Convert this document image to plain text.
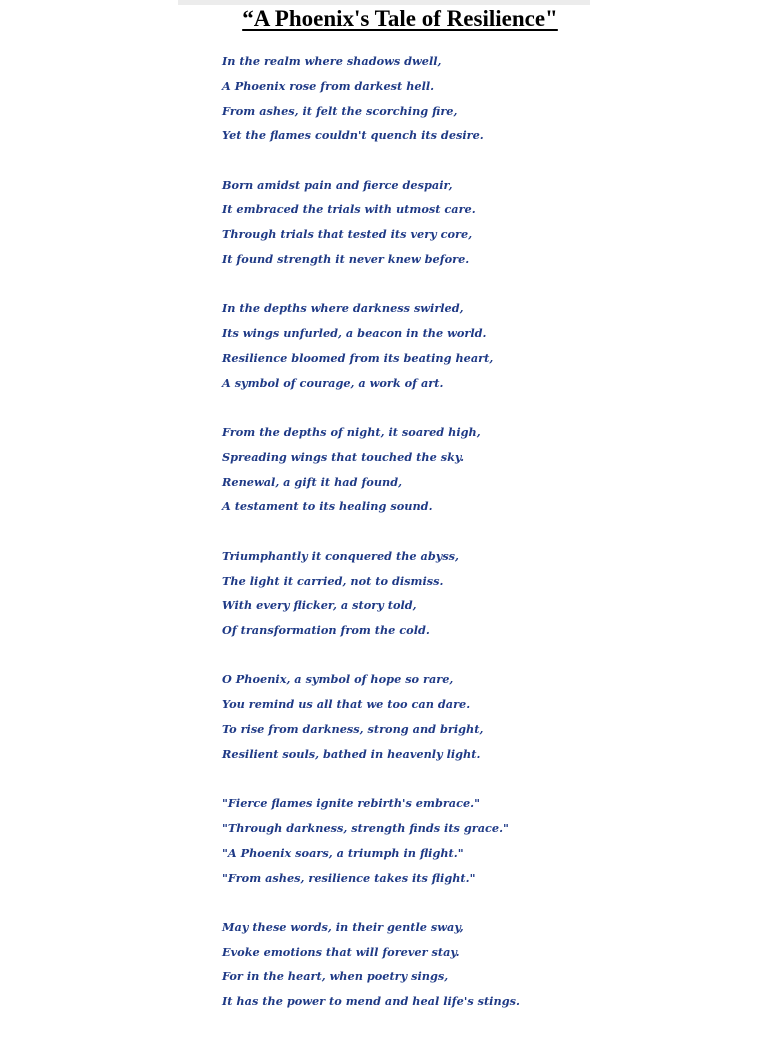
“A Phoenix's Tale of Resilience"
In the realm where shadows dwell,
A Phoenix rose from darkest hell.
From ashes, it felt the scorching fire,
Yet the flames couldn't quench its desire.
Born amidst pain and fierce despair,
It embraced the trials with utmost care.
Through trials that tested its very core,
It found strength it never knew before.
In the depths where darkness swirled,
Its wings unfurled, a beacon in the world.
Resilience bloomed from its beating heart,
A symbol of courage, a work of art.
From the depths of night, it soared high,
Spreading wings that touched the sky.
Renewal, a gift it had found,
A testament to its healing sound.
Triumphantly it conquered the abyss,
The light it carried, not to dismiss.
With every flicker, a story told,
Of transformation from the cold.
O Phoenix, a symbol of hope so rare,
You remind us all that we too can dare.
To rise from darkness, strong and bright,
Resilient souls, bathed in heavenly light.
"Fierce flames ignite rebirth's embrace."
"Through darkness, strength finds its grace."
"A Phoenix soars, a triumph in flight."
"From ashes, resilience takes its flight."
May these words, in their gentle sway,
Evoke emotions that will forever stay.
For in the heart, when poetry sings,
It has the power to mend and heal life's stings.
